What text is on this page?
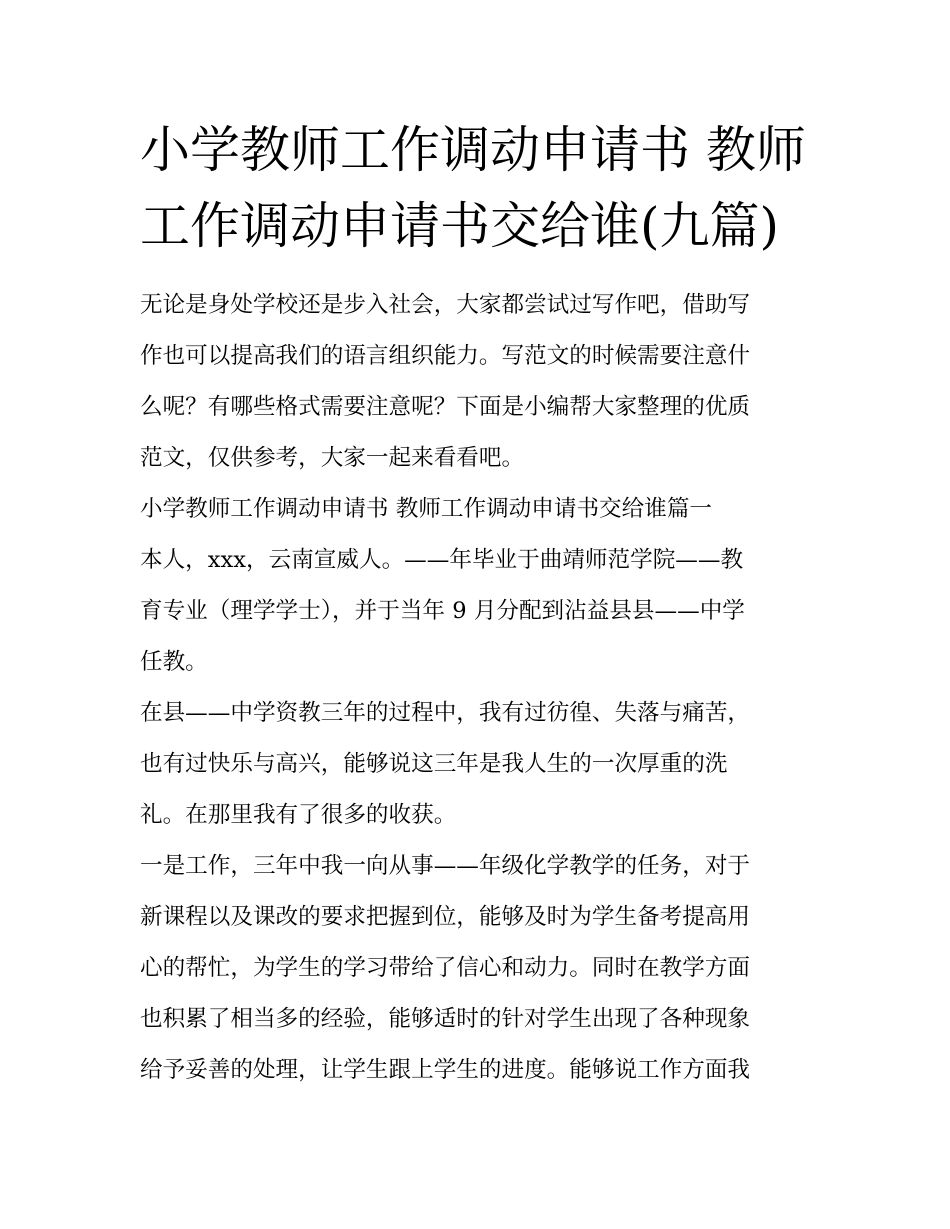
小学教师工作调动申请书 教师
工作调动申请书交给谁(九篇)

无论是身处学校还是步入社会，大家都尝试过写作吧，借助写
作也可以提高我们的语言组织能力。写范文的时候需要注意什
么呢？有哪些格式需要注意呢？下面是小编帮大家整理的优质
范文，仅供参考，大家一起来看看吧。

小学教师工作调动申请书 教师工作调动申请书交给谁篇一

本人，xxx，云南宣威人。——年毕业于曲靖师范学院——教
育专业（理学学士），并于当年 9 月分配到沾益县县——中学
任教。

在县——中学资教三年的过程中，我有过彷徨、失落与痛苦，
也有过快乐与高兴，能够说这三年是我人生的一次厚重的洗
礼。在那里我有了很多的收获。

一是工作，三年中我一向从事——年级化学教学的任务，对于
新课程以及课改的要求把握到位，能够及时为学生备考提高用
心的帮忙，为学生的学习带给了信心和动力。同时在教学方面
也积累了相当多的经验，能够适时的针对学生出现了各种现象
给予妥善的处理，让学生跟上学生的进度。能够说工作方面我
